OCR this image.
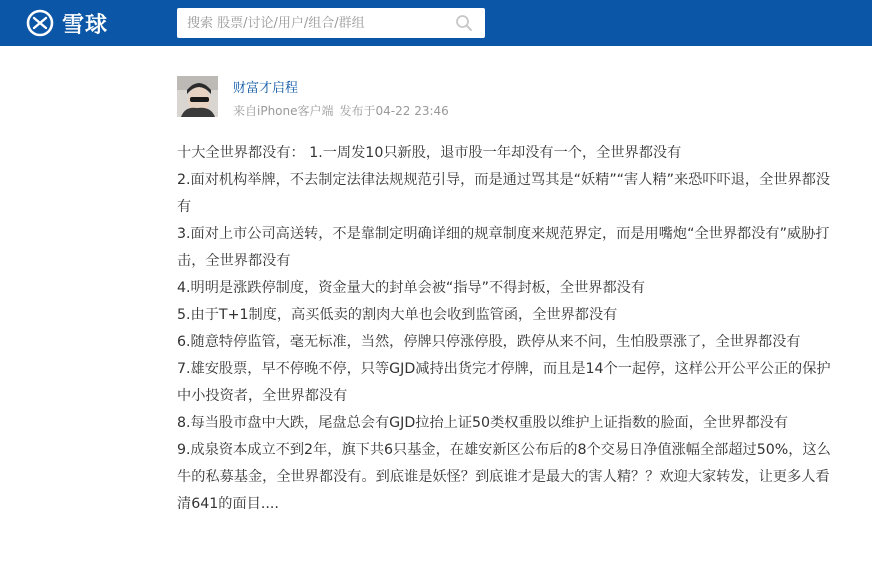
雪球
搜索 股票/讨论/用户/组合/群组
财富才启程
来自iPhone客户端 发布于04-22 23:46

十大全世界都没有： 1.一周发10只新股，退市股一年却没有一个，全世界都没有

2.面对机构举牌，不去制定法律法规规范引导，而是通过骂其是“妖精”“害人精”来恐吓吓退，全世界都没有

3.面对上市公司高送转，不是靠制定明确详细的规章制度来规范界定，而是用嘴炮“全世界都没有”威胁打击，全世界都没有

4.明明是涨跌停制度，资金量大的封单会被“指导”不得封板，全世界都没有

5.由于T+1制度，高买低卖的割肉大单也会收到监管函，全世界都没有

6.随意特停监管，毫无标准，当然，停牌只停涨停股，跌停从来不问，生怕股票涨了，全世界都没有

7.雄安股票，早不停晚不停，只等GJD减持出货完才停牌，而且是14个一起停，这样公开公平公正的保护中小投资者，全世界都没有

8.每当股市盘中大跌，尾盘总会有GJD拉抬上证50类权重股以维护上证指数的脸面，全世界都没有

9.成泉资本成立不到2年，旗下共6只基金，在雄安新区公布后的8个交易日净值涨幅全部超过50%，这么牛的私募基金，全世界都没有。到底谁是妖怪？到底谁才是最大的害人精？？欢迎大家转发，让更多人看清641的面目....
